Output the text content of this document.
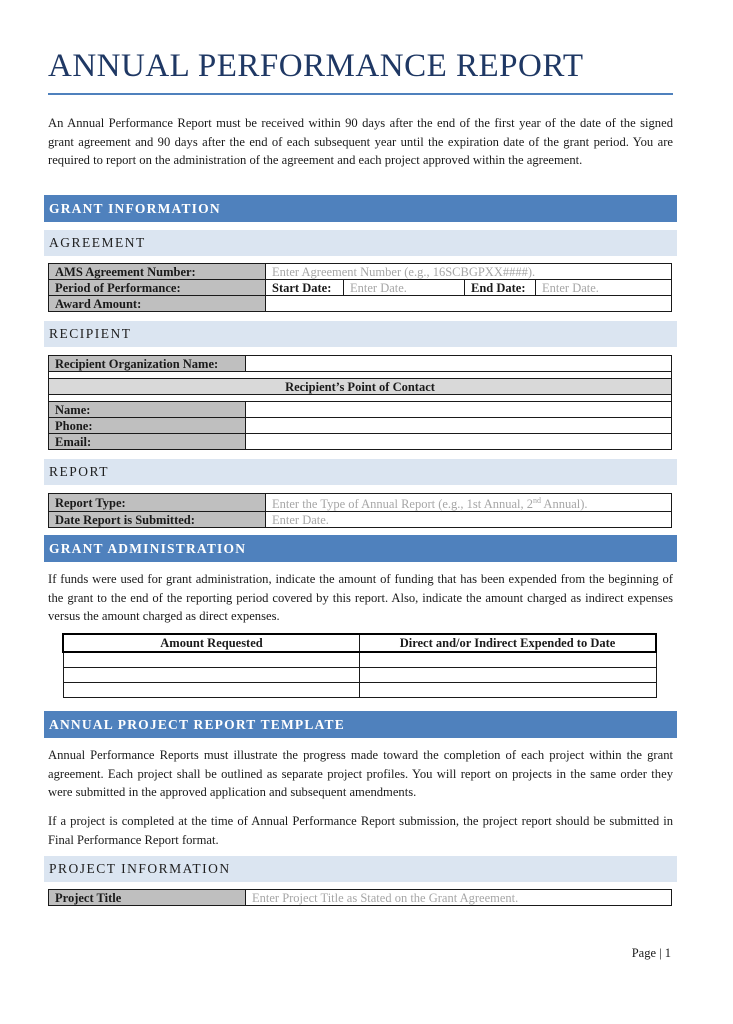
ANNUAL PERFORMANCE REPORT
An Annual Performance Report must be received within 90 days after the end of the first year of the date of the signed grant agreement and 90 days after the end of each subsequent year until the expiration date of the grant period. You are required to report on the administration of the agreement and each project approved within the agreement.
GRANT INFORMATION
AGREEMENT
AMS Agreement Number:	Enter Agreement Number (e.g., 16SCBGPXX####).			
Period of Performance:	Start Date:	Enter Date.	End Date:	Enter Date.
Award Amount:				
RECIPIENT
Recipient Organization Name:	

Recipient’s Point of Contact	

Name:	
Phone:	
Email:	
REPORT
Report Type:	Enter the Type of Annual Report (e.g., 1st Annual, 2nd Annual).
Date Report is Submitted:	Enter Date.
GRANT ADMINISTRATION
If funds were used for grant administration, indicate the amount of funding that has been expended from the beginning of the grant to the end of the reporting period covered by this report. Also, indicate the amount charged as indirect expenses versus the amount charged as direct expenses.
Amount Requested	Direct and/or Indirect Expended to Date

ANNUAL PROJECT REPORT TEMPLATE
Annual Performance Reports must illustrate the progress made toward the completion of each project within the grant agreement. Each project shall be outlined as separate project profiles. You will report on projects in the same order they were submitted in the approved application and subsequent amendments.
If a project is completed at the time of Annual Performance Report submission, the project report should be submitted in Final Performance Report format.
PROJECT INFORMATION
Project Title	Enter Project Title as Stated on the Grant Agreement.
Page | 1
